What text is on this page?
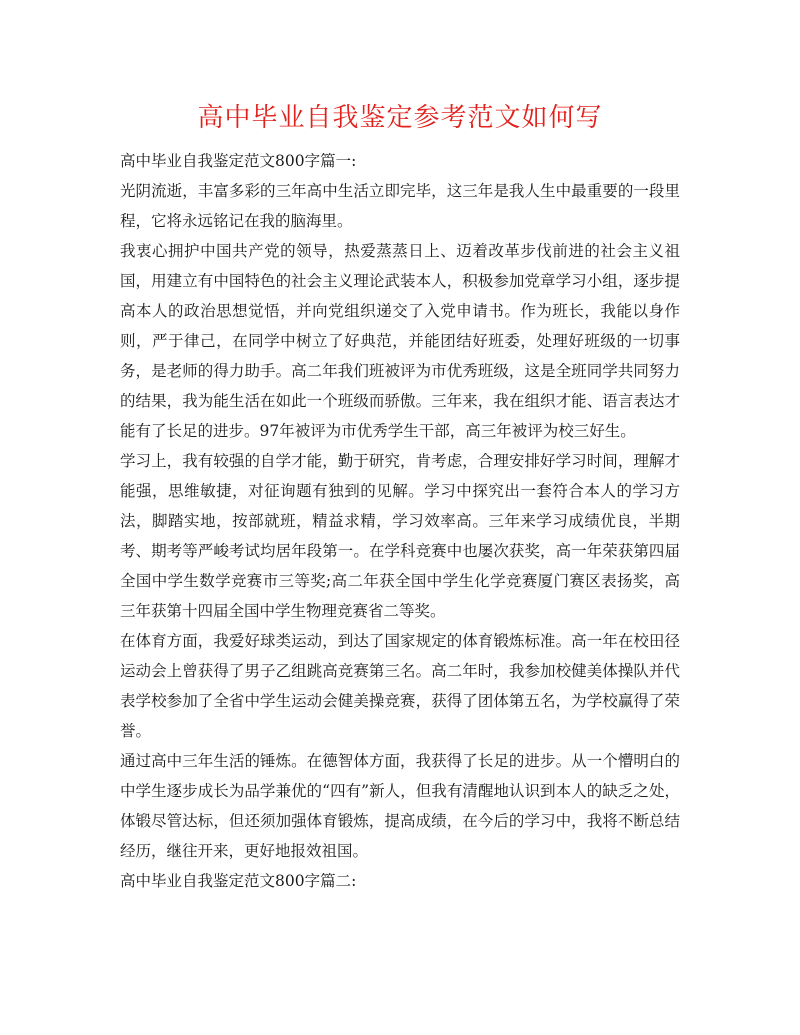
高中毕业自我鉴定参考范文如何写

高中毕业自我鉴定范文800字篇一:

光阴流逝，丰富多彩的三年高中生活立即完毕，这三年是我人生中最重要的一段里程，它将永远铭记在我的脑海里。

我衷心拥护中国共产党的领导，热爱蒸蒸日上、迈着改革步伐前进的社会主义祖国，用建立有中国特色的社会主义理论武装本人，积极参加党章学习小组，逐步提高本人的政治思想觉悟，并向党组织递交了入党申请书。作为班长，我能以身作则，严于律己，在同学中树立了好典范，并能团结好班委，处理好班级的一切事务，是老师的得力助手。高二年我们班被评为市优秀班级，这是全班同学共同努力的结果，我为能生活在如此一个班级而骄傲。三年来，我在组织才能、语言表达才能有了长足的进步。97年被评为市优秀学生干部，高三年被评为校三好生。

学习上，我有较强的自学才能，勤于研究，肯考虑，合理安排好学习时间，理解才能强，思维敏捷，对征询题有独到的见解。学习中探究出一套符合本人的学习方法，脚踏实地，按部就班，精益求精，学习效率高。三年来学习成绩优良，半期考、期考等严峻考试均居年段第一。在学科竞赛中也屡次获奖，高一年荣获第四届全国中学生数学竞赛市三等奖;高二年获全国中学生化学竞赛厦门赛区表扬奖，高三年获第十四届全国中学生物理竞赛省二等奖。

在体育方面，我爱好球类运动，到达了国家规定的体育锻炼标准。高一年在校田径运动会上曾获得了男子乙组跳高竞赛第三名。高二年时，我参加校健美体操队并代表学校参加了全省中学生运动会健美操竞赛，获得了团体第五名，为学校赢得了荣誉。

通过高中三年生活的锤炼。在德智体方面，我获得了长足的进步。从一个懵明白的中学生逐步成长为品学兼优的“四有”新人，但我有清醒地认识到本人的缺乏之处，体锻尽管达标，但还须加强体育锻炼，提高成绩，在今后的学习中，我将不断总结经历，继往开来，更好地报效祖国。

高中毕业自我鉴定范文800字篇二:
